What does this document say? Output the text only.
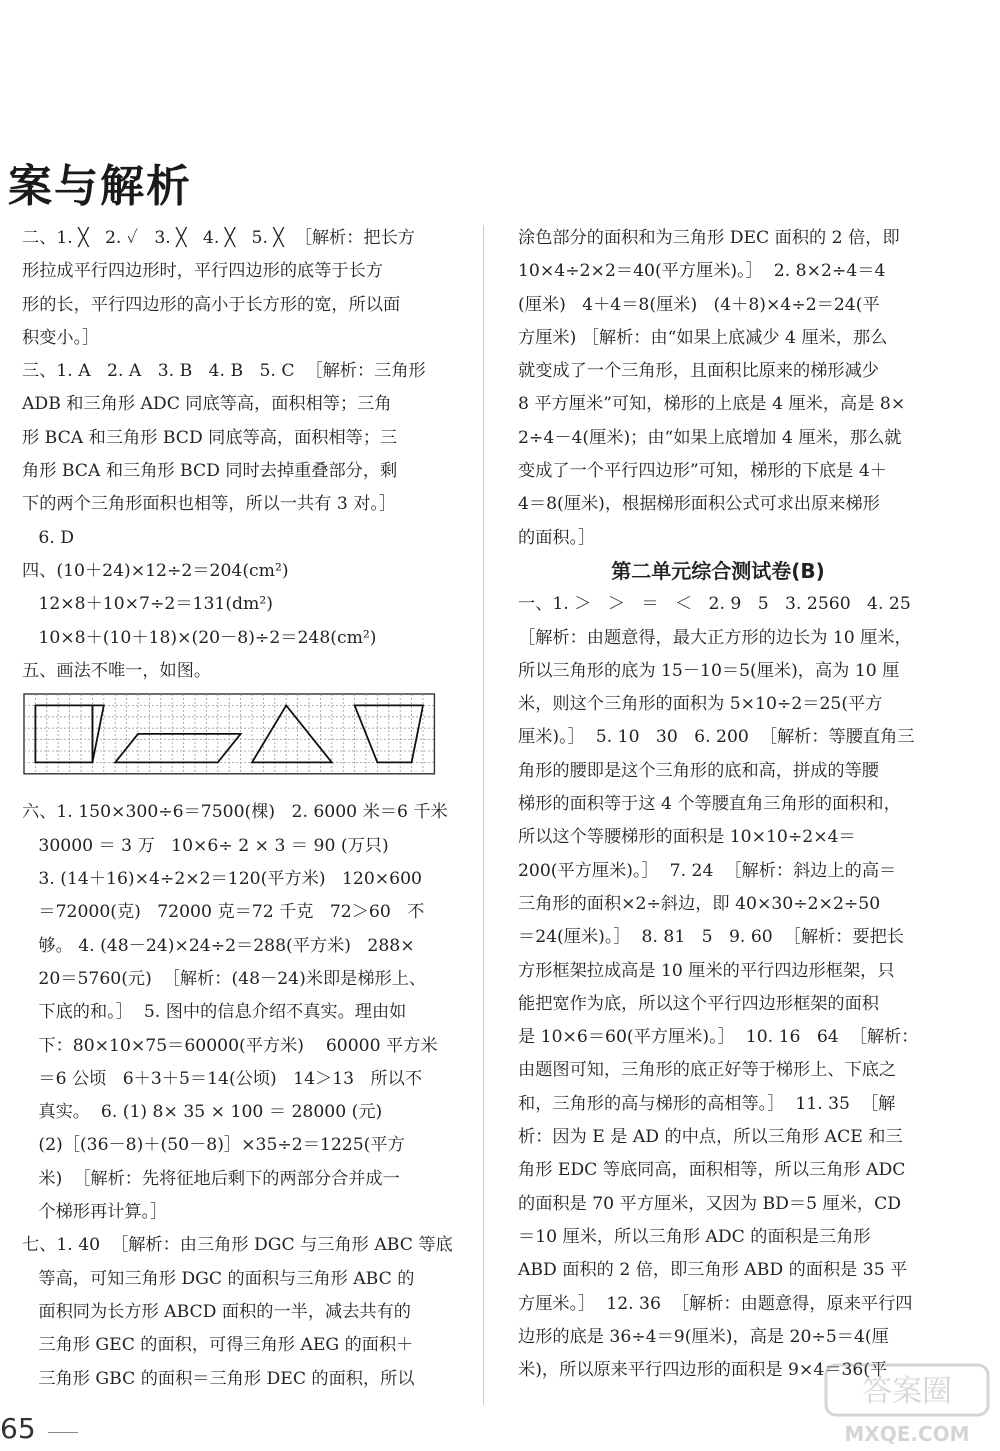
案与解析
二、1. ╳   2. ✓   3. ╳   4. ╳   5. ╳  ［解析：把长方
形拉成平行四边形时，平行四边形的底等于长方
形的长，平行四边形的高小于长方形的宽，所以面
积变小。］
三、1. A   2. A   3. B   4. B   5. C  ［解析：三角形
ADB 和三角形 ADC 同底等高，面积相等；三角
形 BCA 和三角形 BCD 同底等高，面积相等；三
角形 BCA 和三角形 BCD 同时去掉重叠部分，剩
下的两个三角形面积也相等，所以一共有 3 对。］
6. D
四、(10＋24)×12÷2＝204(cm²)
12×8＋10×7÷2＝131(dm²)
10×8＋(10＋18)×(20－8)÷2＝248(cm²)
五、画法不唯一，如图。
六、1. 150×300÷6＝7500(棵)   2. 6000 米＝6 千米
30000 ＝ 3 万   10×6÷ 2 × 3 ＝ 90 (万只)
3. (14＋16)×4÷2×2＝120(平方米)   120×600
＝72000(克)   72000 克＝72 千克   72＞60   不
够。 4. (48－24)×24÷2＝288(平方米)   288×
20＝5760(元)  ［解析：(48－24)米即是梯形上、
下底的和。］  5. 图中的信息介绍不真实。理由如
下：80×10×75＝60000(平方米)    60000 平方米
＝6 公顷   6＋3＋5＝14(公顷)   14＞13   所以不
真实。  6. (1) 8× 35 × 100 ＝ 28000 (元)
(2)［(36－8)＋(50－8)］×35÷2＝1225(平方
米)  ［解析：先将征地后剩下的两部分合并成一
个梯形再计算。］
七、1. 40  ［解析：由三角形 DGC 与三角形 ABC 等底
等高，可知三角形 DGC 的面积与三角形 ABC 的
面积同为长方形 ABCD 面积的一半，减去共有的
三角形 GEC 的面积，可得三角形 AEG 的面积＋
三角形 GBC 的面积＝三角形 DEC 的面积，所以
涂色部分的面积和为三角形 DEC 面积的 2 倍，即
10×4÷2×2＝40(平方厘米)。］  2. 8×2÷4＝4
(厘米)   4＋4＝8(厘米)   (4＋8)×4÷2＝24(平
方厘米) ［解析：由“如果上底减少 4 厘米，那么
就变成了一个三角形，且面积比原来的梯形减少
8 平方厘米”可知，梯形的上底是 4 厘米，高是 8×
2÷4－4(厘米)；由“如果上底增加 4 厘米，那么就
变成了一个平行四边形”可知，梯形的下底是 4＋
4＝8(厘米)，根据梯形面积公式可求出原来梯形
的面积。］
第二单元综合测试卷(B)
一、1. ＞   ＞   ＝   ＜   2. 9   5   3. 2560   4. 25
［解析：由题意得，最大正方形的边长为 10 厘米，
所以三角形的底为 15－10＝5(厘米)，高为 10 厘
米，则这个三角形的面积为 5×10÷2＝25(平方
厘米)。］  5. 10   30   6. 200  ［解析：等腰直角三
角形的腰即是这个三角形的底和高，拼成的等腰
梯形的面积等于这 4 个等腰直角三角形的面积和，
所以这个等腰梯形的面积是 10×10÷2×4＝
200(平方厘米)。］  7. 24  ［解析：斜边上的高＝
三角形的面积×2÷斜边，即 40×30÷2×2÷50
＝24(厘米)。］  8. 81   5   9. 60  ［解析：要把长
方形框架拉成高是 10 厘米的平行四边形框架，只
能把宽作为底，所以这个平行四边形框架的面积
是 10×6＝60(平方厘米)。］  10. 16   64  ［解析：
由题图可知，三角形的底正好等于梯形上、下底之
和，三角形的高与梯形的高相等。］  11. 35  ［解
析：因为 E 是 AD 的中点，所以三角形 ACE 和三
角形 EDC 等底同高，面积相等，所以三角形 ADC
的面积是 70 平方厘米，又因为 BD＝5 厘米，CD
＝10 厘米，所以三角形 ADC 的面积是三角形
ABD 面积的 2 倍，即三角形 ABD 的面积是 35 平
方厘米。］  12. 36  ［解析：由题意得，原来平行四
边形的底是 36÷4＝9(厘米)，高是 20÷5＝4(厘
米)，所以原来平行四边形的面积是 9×4＝36(平
65
答案圈
MXQE.COM
